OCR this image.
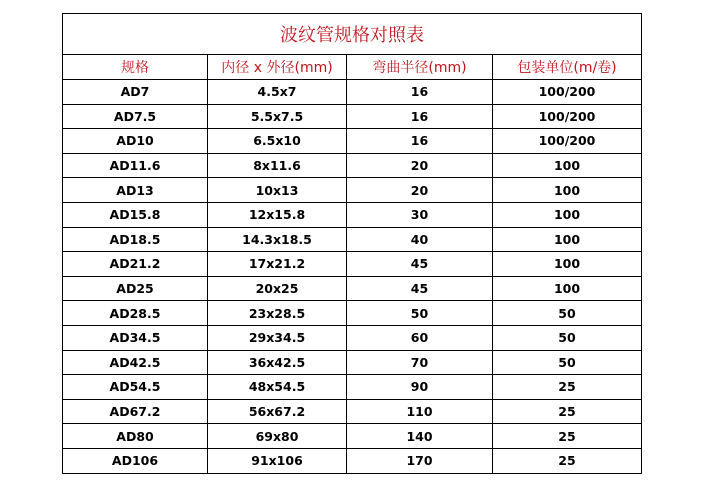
波纹管规格对照表			
规格	内径 x 外径(mm)	弯曲半径(mm)	包装单位(m/卷)
AD7	4.5x7	16	100/200
AD7.5	5.5x7.5	16	100/200
AD10	6.5x10	16	100/200
AD11.6	8x11.6	20	100
AD13	10x13	20	100
AD15.8	12x15.8	30	100
AD18.5	14.3x18.5	40	100
AD21.2	17x21.2	45	100
AD25	20x25	45	100
AD28.5	23x28.5	50	50
AD34.5	29x34.5	60	50
AD42.5	36x42.5	70	50
AD54.5	48x54.5	90	25
AD67.2	56x67.2	110	25
AD80	69x80	140	25
AD106	91x106	170	25
